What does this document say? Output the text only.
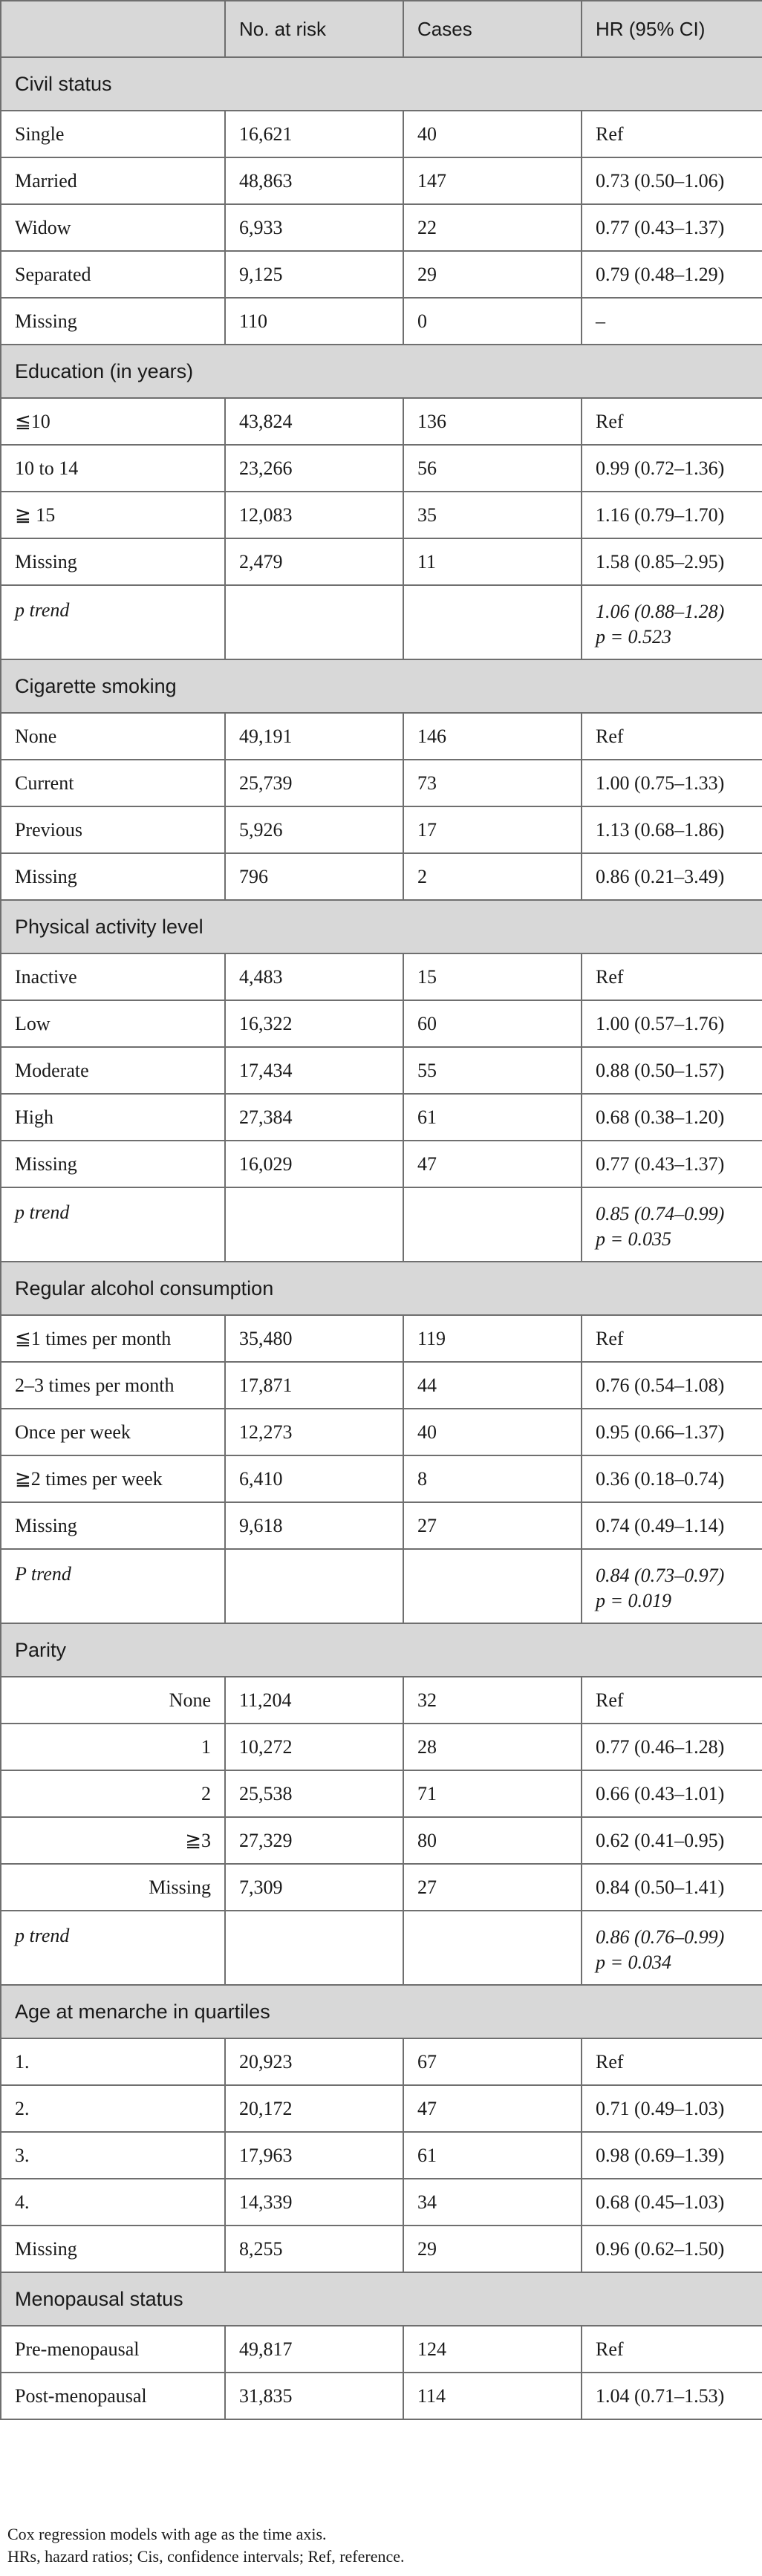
	No. at risk	Cases	HR (95% CI)
Civil status			
Single	16,621	40	Ref
Married	48,863	147	0.73 (0.50–1.06)
Widow	6,933	22	0.77 (0.43–1.37)
Separated	9,125	29	0.79 (0.48–1.29)
Missing	110	0	–
Education (in years)			
≦10	43,824	136	Ref
10 to 14	23,266	56	0.99 (0.72–1.36)
≧ 15	12,083	35	1.16 (0.79–1.70)
Missing	2,479	11	1.58 (0.85–2.95)
p trend			1.06 (0.88–1.28)
p = 0.523

Cigarette smoking			
None	49,191	146	Ref
Current	25,739	73	1.00 (0.75–1.33)
Previous	5,926	17	1.13 (0.68–1.86)
Missing	796	2	0.86 (0.21–3.49)
Physical activity level			
Inactive	4,483	15	Ref
Low	16,322	60	1.00 (0.57–1.76)
Moderate	17,434	55	0.88 (0.50–1.57)
High	27,384	61	0.68 (0.38–1.20)
Missing	16,029	47	0.77 (0.43–1.37)
p trend			0.85 (0.74–0.99)
p = 0.035

Regular alcohol consumption			
≦1 times per month	35,480	119	Ref
2–3 times per month	17,871	44	0.76 (0.54–1.08)
Once per week	12,273	40	0.95 (0.66–1.37)
≧2 times per week	6,410	8	0.36 (0.18–0.74)
Missing	9,618	27	0.74 (0.49–1.14)
P trend			0.84 (0.73–0.97)
p = 0.019

Parity			
None	11,204	32	Ref
1	10,272	28	0.77 (0.46–1.28)
2	25,538	71	0.66 (0.43–1.01)
≧3	27,329	80	0.62 (0.41–0.95)
Missing	7,309	27	0.84 (0.50–1.41)
p trend			0.86 (0.76–0.99)
p = 0.034

Age at menarche in quartiles			
1.	20,923	67	Ref
2.	20,172	47	0.71 (0.49–1.03)
3.	17,963	61	0.98 (0.69–1.39)
4.	14,339	34	0.68 (0.45–1.03)
Missing	8,255	29	0.96 (0.62–1.50)
Menopausal status			
Pre-menopausal	49,817	124	Ref
Post-menopausal	31,835	114	1.04 (0.71–1.53)
Cox regression models with age as the time axis.
HRs, hazard ratios; Cis, confidence intervals; Ref, reference.
